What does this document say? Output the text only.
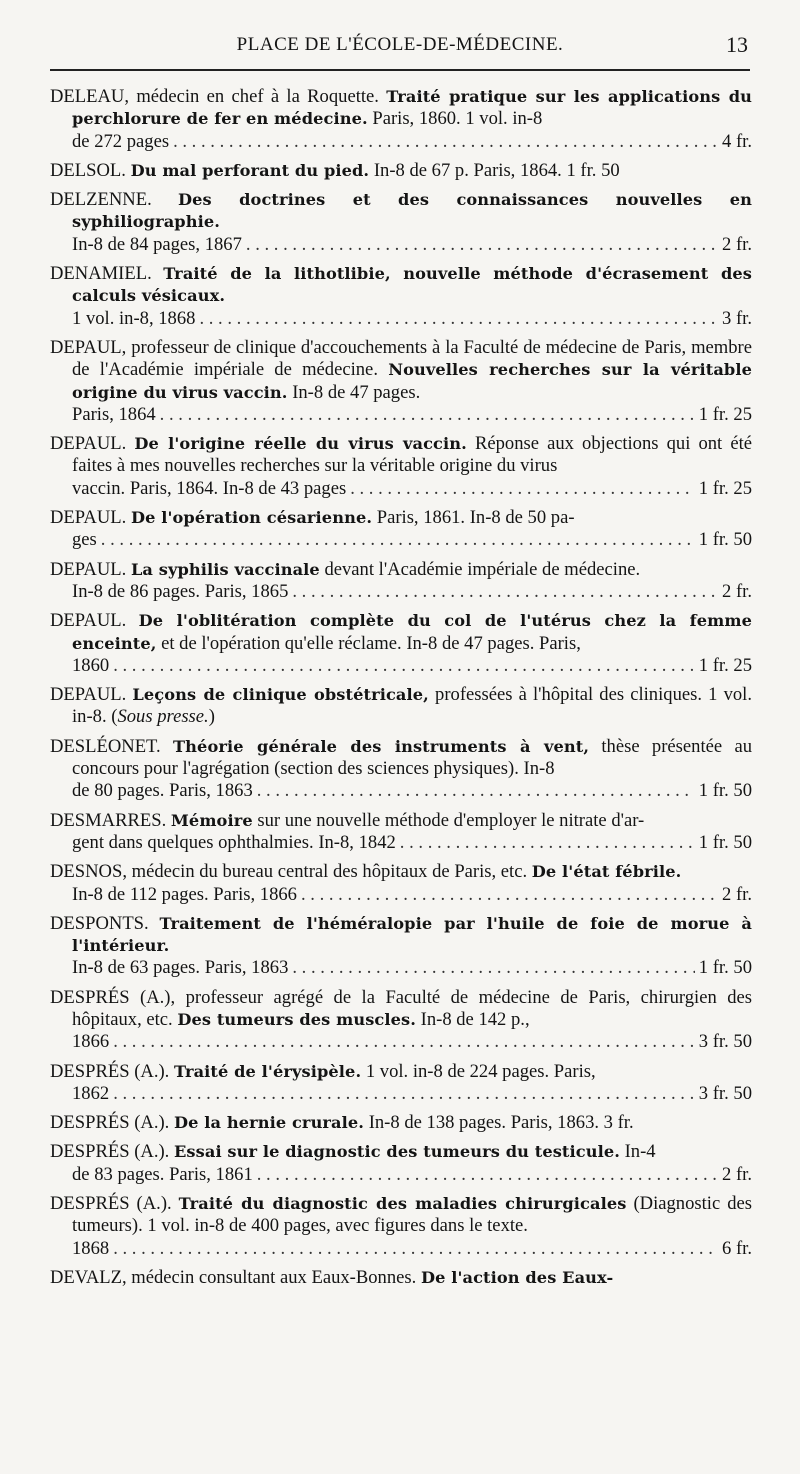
PLACE DE L'ÉCOLE-DE-MÉDECINE.	13
DELEAU, médecin en chef à la Roquette. Traité pratique sur les applications du perchlorure de fer en médecine. Paris, 1860. 1 vol. in-8
de 272 pages . . .	4 fr.
DELSOL. Du mal perforant du pied. In-8 de 67 p. Paris, 1864. 1 fr. 50
DELZENNE. Des doctrines et des connaissances nouvelles en syphiliographie.
In-8 de 84 pages, 1867 . . .	2 fr.
DENAMIEL. Traité de la lithotlibie, nouvelle méthode d'écrasement des calculs vésicaux.
1 vol. in-8, 1868 . . .	3 fr.
DEPAUL, professeur de clinique d'accouchements à la Faculté de médecine de Paris, membre de l'Académie impériale de médecine. Nouvelles recherches sur la véritable origine du virus vaccin. In-8 de 47 pages.
Paris, 1864 . . .	1 fr. 25
DEPAUL. De l'origine réelle du virus vaccin. Réponse aux objections qui ont été faites à mes nouvelles recherches sur la véritable origine du virus
vaccin. Paris, 1864. In-8 de 43 pages . . .	1 fr. 25
DEPAUL. De l'opération césarienne. Paris, 1861. In-8 de 50 pa-
ges . . .	1 fr. 50
DEPAUL. La syphilis vaccinale devant l'Académie impériale de médecine.
In-8 de 86 pages. Paris, 1865 . . .	2 fr.
DEPAUL. De l'oblitération complète du col de l'utérus chez la femme enceinte, et de l'opération qu'elle réclame. In-8 de 47 pages. Paris,
1860 . . .	1 fr. 25
DEPAUL. Leçons de clinique obstétricale, professées à l'hôpital des cliniques. 1 vol. in-8. (Sous presse.)
DESLÉONET. Théorie générale des instruments à vent, thèse présentée au concours pour l'agrégation (section des sciences physiques). In-8
de 80 pages. Paris, 1863 . . .	1 fr. 50
DESMARRES. Mémoire sur une nouvelle méthode d'employer le nitrate d'ar-
gent dans quelques ophthalmies. In-8, 1842 . . .	1 fr. 50
DESNOS, médecin du bureau central des hôpitaux de Paris, etc. De l'état fébrile.
In-8 de 112 pages. Paris, 1866 . . .	2 fr.
DESPONTS. Traitement de l'héméralopie par l'huile de foie de morue à l'intérieur.
In-8 de 63 pages. Paris, 1863 . . .	1 fr. 50
DESPRÉS (A.), professeur agrégé de la Faculté de médecine de Paris, chirurgien des hôpitaux, etc. Des tumeurs des muscles. In-8 de 142 p.,
1866 . . .	3 fr. 50
DESPRÉS (A.). Traité de l'érysipèle. 1 vol. in-8 de 224 pages. Paris,
1862 . . .	3 fr. 50
DESPRÉS (A.). De la hernie crurale. In-8 de 138 pages. Paris, 1863. 3 fr.
DESPRÉS (A.). Essai sur le diagnostic des tumeurs du testicule. In-4
de 83 pages. Paris, 1861 . . .	2 fr.
DESPRÉS (A.). Traité du diagnostic des maladies chirurgicales (Diagnostic des tumeurs). 1 vol. in-8 de 400 pages, avec figures dans le texte.
1868 . . .	6 fr.
DEVALZ, médecin consultant aux Eaux-Bonnes. De l'action des Eaux-
